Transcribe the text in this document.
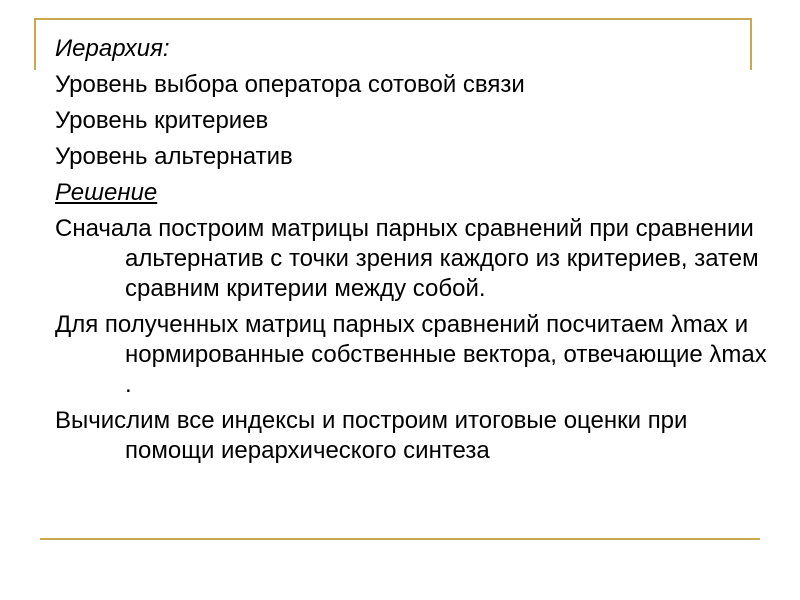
Иерархия:
Уровень выбора оператора сотовой связи
Уровень критериев
Уровень альтернатив
Решение
Сначала построим матрицы парных сравнений при сравнении альтернатив с точки зрения каждого из критериев, затем сравним критерии между собой.
Для полученных матриц парных сравнений посчитаем λmax и нормированные собственные вектора, отвечающие λmax .
Вычислим все индексы и построим итоговые оценки при помощи иерархического синтеза
